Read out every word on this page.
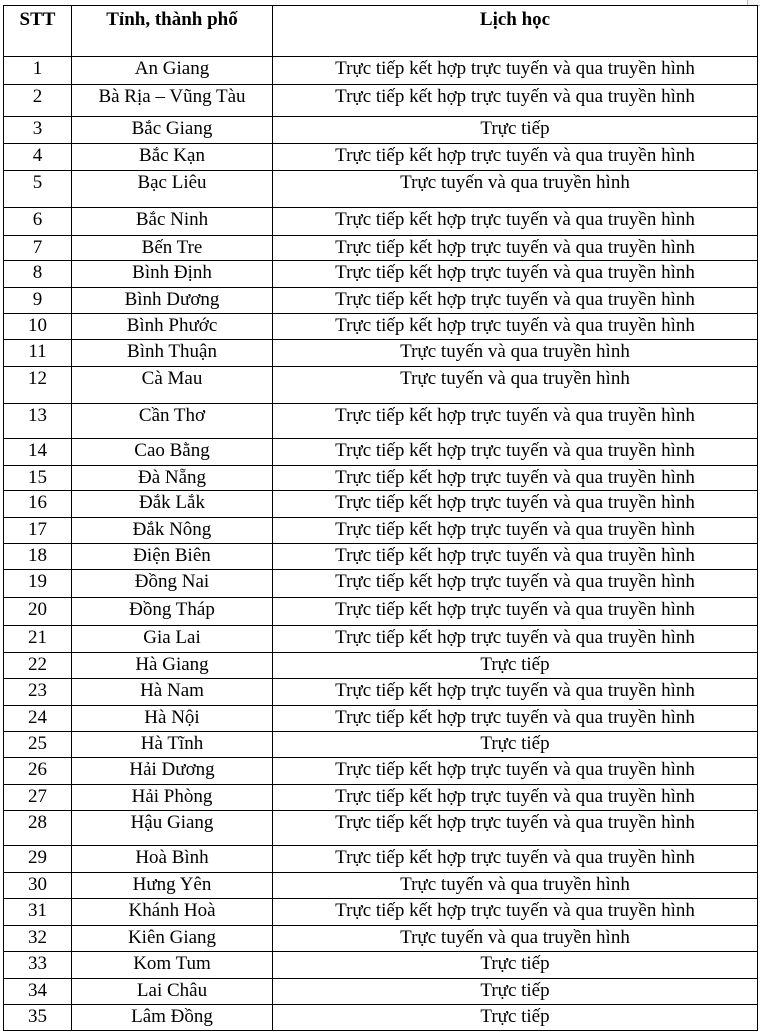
STT	Tỉnh, thành phố	Lịch học
1	An Giang	Trực tiếp kết hợp trực tuyến và qua truyền hình
2	Bà Rịa – Vũng Tàu	Trực tiếp kết hợp trực tuyến và qua truyền hình
3	Bắc Giang	Trực tiếp
4	Bắc Kạn	Trực tiếp kết hợp trực tuyến và qua truyền hình
5	Bạc Liêu	Trực tuyến và qua truyền hình
6	Bắc Ninh	Trực tiếp kết hợp trực tuyến và qua truyền hình
7	Bến Tre	Trực tiếp kết hợp trực tuyến và qua truyền hình
8	Bình Định	Trực tiếp kết hợp trực tuyến và qua truyền hình
9	Bình Dương	Trực tiếp kết hợp trực tuyến và qua truyền hình
10	Bình Phước	Trực tiếp kết hợp trực tuyến và qua truyền hình
11	Bình Thuận	Trực tuyến và qua truyền hình
12	Cà Mau	Trực tuyến và qua truyền hình
13	Cần Thơ	Trực tiếp kết hợp trực tuyến và qua truyền hình
14	Cao Bằng	Trực tiếp kết hợp trực tuyến và qua truyền hình
15	Đà Nẵng	Trực tiếp kết hợp trực tuyến và qua truyền hình
16	Đắk Lắk	Trực tiếp kết hợp trực tuyến và qua truyền hình
17	Đắk Nông	Trực tiếp kết hợp trực tuyến và qua truyền hình
18	Điện Biên	Trực tiếp kết hợp trực tuyến và qua truyền hình
19	Đồng Nai	Trực tiếp kết hợp trực tuyến và qua truyền hình
20	Đồng Tháp	Trực tiếp kết hợp trực tuyến và qua truyền hình
21	Gia Lai	Trực tiếp kết hợp trực tuyến và qua truyền hình
22	Hà Giang	Trực tiếp
23	Hà Nam	Trực tiếp kết hợp trực tuyến và qua truyền hình
24	Hà Nội	Trực tiếp kết hợp trực tuyến và qua truyền hình
25	Hà Tĩnh	Trực tiếp
26	Hải Dương	Trực tiếp kết hợp trực tuyến và qua truyền hình
27	Hải Phòng	Trực tiếp kết hợp trực tuyến và qua truyền hình
28	Hậu Giang	Trực tiếp kết hợp trực tuyến và qua truyền hình
29	Hoà Bình	Trực tiếp kết hợp trực tuyến và qua truyền hình
30	Hưng Yên	Trực tuyến và qua truyền hình
31	Khánh Hoà	Trực tiếp kết hợp trực tuyến và qua truyền hình
32	Kiên Giang	Trực tuyến và qua truyền hình
33	Kom Tum	Trực tiếp
34	Lai Châu	Trực tiếp
35	Lâm Đồng	Trực tiếp
